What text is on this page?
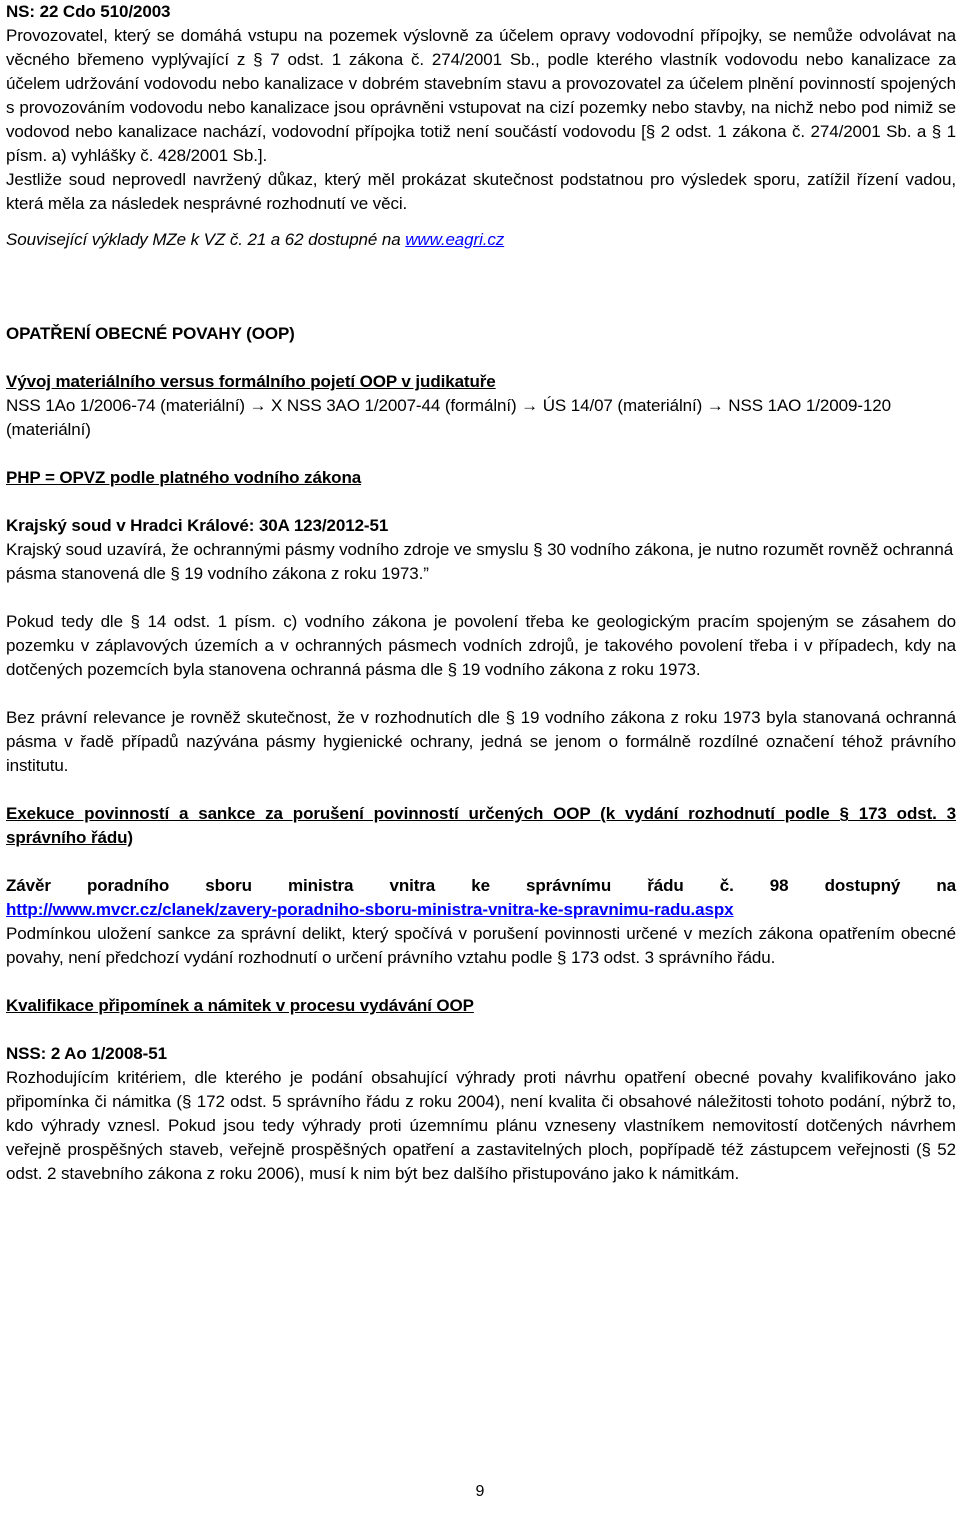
NS: 22 Cdo 510/2003

Provozovatel, který se domáhá vstupu na pozemek výslovně za účelem opravy vodovodní přípojky, se nemůže odvolávat na věcného břemeno vyplývající z § 7 odst. 1 zákona č. 274/2001 Sb., podle kterého vlastník vodovodu nebo kanalizace za účelem udržování vodovodu nebo kanalizace v dobrém stavebním stavu a provozovatel za účelem plnění povinností spojených s provozováním vodovodu nebo kanalizace jsou oprávněni vstupovat na cizí pozemky nebo stavby, na nichž nebo pod nimiž se vodovod nebo kanalizace nachází, vodovodní přípojka totiž není součástí vodovodu [§ 2 odst. 1 zákona č. 274/2001 Sb. a § 1 písm. a) vyhlášky č. 428/2001 Sb.].

Jestliže soud neprovedl navržený důkaz, který měl prokázat skutečnost podstatnou pro výsledek sporu, zatížil řízení vadou, která měla za následek nesprávné rozhodnutí ve věci.

Související výklady MZe k VZ č. 21 a 62 dostupné na www.eagri.cz

OPATŘENÍ OBECNÉ POVAHY (OOP)

Vývoj materiálního versus formálního pojetí OOP v judikatuře

NSS 1Ao 1/2006-74 (materiální) → X NSS 3AO 1/2007-44 (formální) → ÚS 14/07 (materiální) → NSS 1AO 1/2009-120 (materiální)

PHP = OPVZ podle platného vodního zákona

Krajský soud v Hradci Králové: 30A 123/2012-51

Krajský soud uzavírá, že ochrannými pásmy vodního zdroje ve smyslu § 30 vodního zákona, je nutno rozumět rovněž ochranná pásma stanovená dle § 19 vodního zákona z roku 1973.”

Pokud tedy dle § 14 odst. 1 písm. c) vodního zákona je povolení třeba ke geologickým pracím spojeným se zásahem do pozemku v záplavových územích a v ochranných pásmech vodních zdrojů, je takového povolení třeba i v případech, kdy na dotčených pozemcích byla stanovena ochranná pásma dle § 19 vodního zákona z roku 1973.

Bez právní relevance je rovněž skutečnost, že v rozhodnutích dle § 19 vodního zákona z roku 1973 byla stanovaná ochranná pásma v řadě případů nazývána pásmy hygienické ochrany, jedná se jenom o formálně rozdílné označení téhož právního institutu.

Exekuce povinností a sankce za porušení povinností určených OOP (k vydání rozhodnutí podle § 173 odst. 3 správního řádu)

Závěr poradního sboru ministra vnitra ke správnímu řádu č. 98 dostupný na

http://www.mvcr.cz/clanek/zavery-poradniho-sboru-ministra-vnitra-ke-spravnimu-radu.aspx

Podmínkou uložení sankce za správní delikt, který spočívá v porušení povinnosti určené v mezích zákona opatřením obecné povahy, není předchozí vydání rozhodnutí o určení právního vztahu podle § 173 odst. 3 správního řádu.

Kvalifikace připomínek a námitek v procesu vydávání OOP

NSS: 2 Ao 1/2008-51

Rozhodujícím kritériem, dle kterého je podání obsahující výhrady proti návrhu opatření obecné povahy kvalifikováno jako připomínka či námitka (§ 172 odst. 5 správního řádu z roku 2004), není kvalita či obsahové náležitosti tohoto podání, nýbrž to, kdo výhrady vznesl. Pokud jsou tedy výhrady proti územnímu plánu vzneseny vlastníkem nemovitostí dotčených návrhem veřejně prospěšných staveb, veřejně prospěšných opatření a zastavitelných ploch, popřípadě též zástupcem veřejnosti (§ 52 odst. 2 stavebního zákona z roku 2006), musí k nim být bez dalšího přistupováno jako k námitkám.

9
